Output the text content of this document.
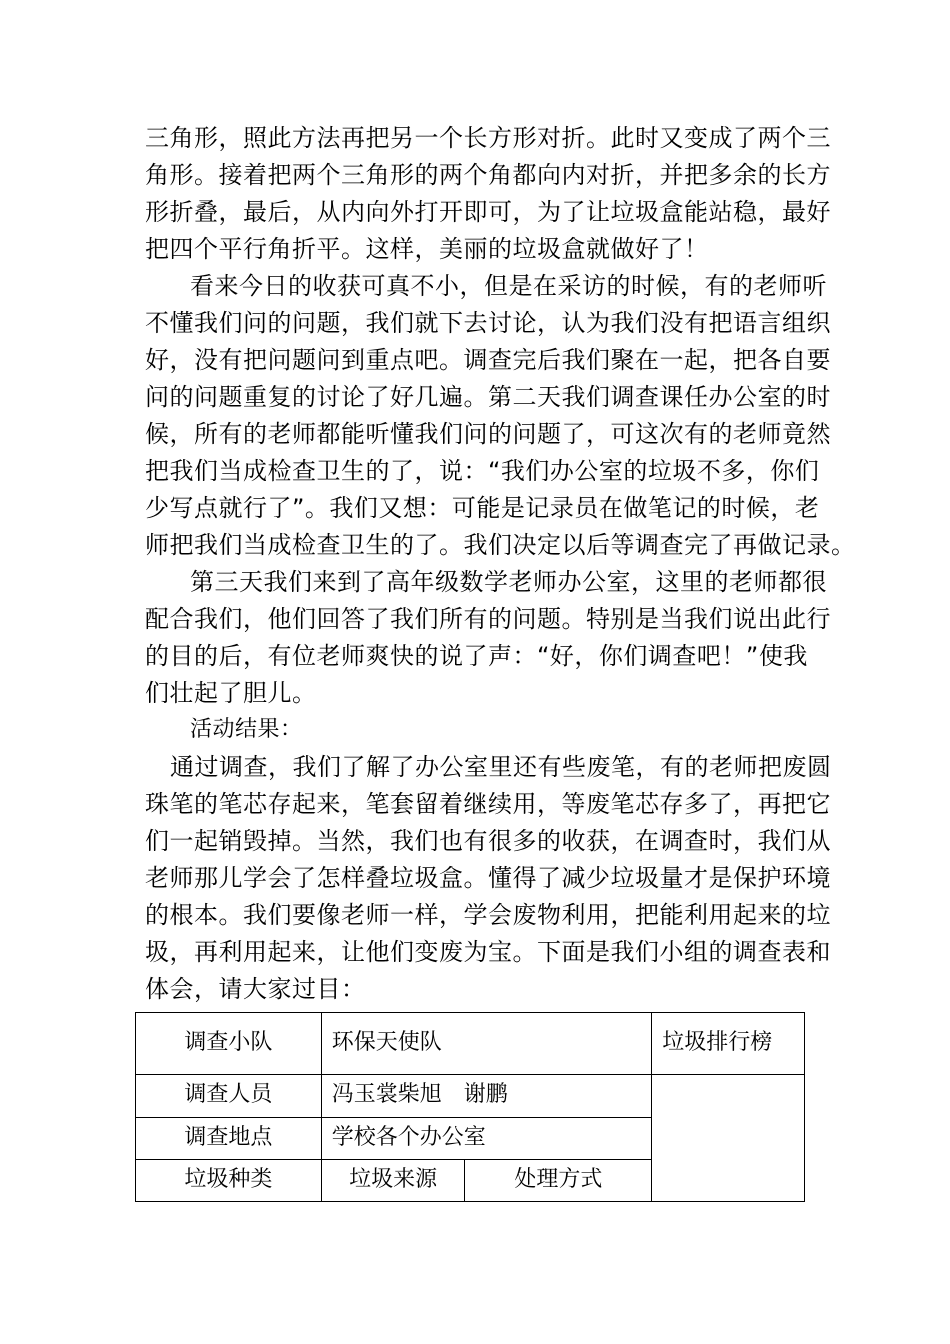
三角形，照此方法再把另一个长方形对折。此时又变成了两个三
角形。接着把两个三角形的两个角都向内对折，并把多余的长方
形折叠，最后，从内向外打开即可，为了让垃圾盒能站稳，最好
把四个平行角折平。这样，美丽的垃圾盒就做好了！
看来今日的收获可真不小，但是在采访的时候，有的老师听
不懂我们问的问题，我们就下去讨论，认为我们没有把语言组织
好，没有把问题问到重点吧。调查完后我们聚在一起，把各自要
问的问题重复的讨论了好几遍。第二天我们调查课任办公室的时
候，所有的老师都能听懂我们问的问题了，可这次有的老师竟然
把我们当成检查卫生的了，说：“我们办公室的垃圾不多，你们
少写点就行了”。我们又想：可能是记录员在做笔记的时候，老
师把我们当成检查卫生的了。我们决定以后等调查完了再做记录。
第三天我们来到了高年级数学老师办公室，这里的老师都很
配合我们，他们回答了我们所有的问题。特别是当我们说出此行
的目的后，有位老师爽快的说了声：“好，你们调查吧！”使我
们壮起了胆儿。
活动结果：
通过调查，我们了解了办公室里还有些废笔，有的老师把废圆
珠笔的笔芯存起来，笔套留着继续用，等废笔芯存多了，再把它
们一起销毁掉。当然，我们也有很多的收获，在调查时，我们从
老师那儿学会了怎样叠垃圾盒。懂得了减少垃圾量才是保护环境
的根本。我们要像老师一样，学会废物利用，把能利用起来的垃
圾，再利用起来，让他们变废为宝。下面是我们小组的调查表和
体会，请大家过目：
调查小队	环保天使队		垃圾排行榜
调查人员	冯玉裳柴旭　谢鹏		
调查地点	学校各个办公室		
垃圾种类	垃圾来源	处理方式	
